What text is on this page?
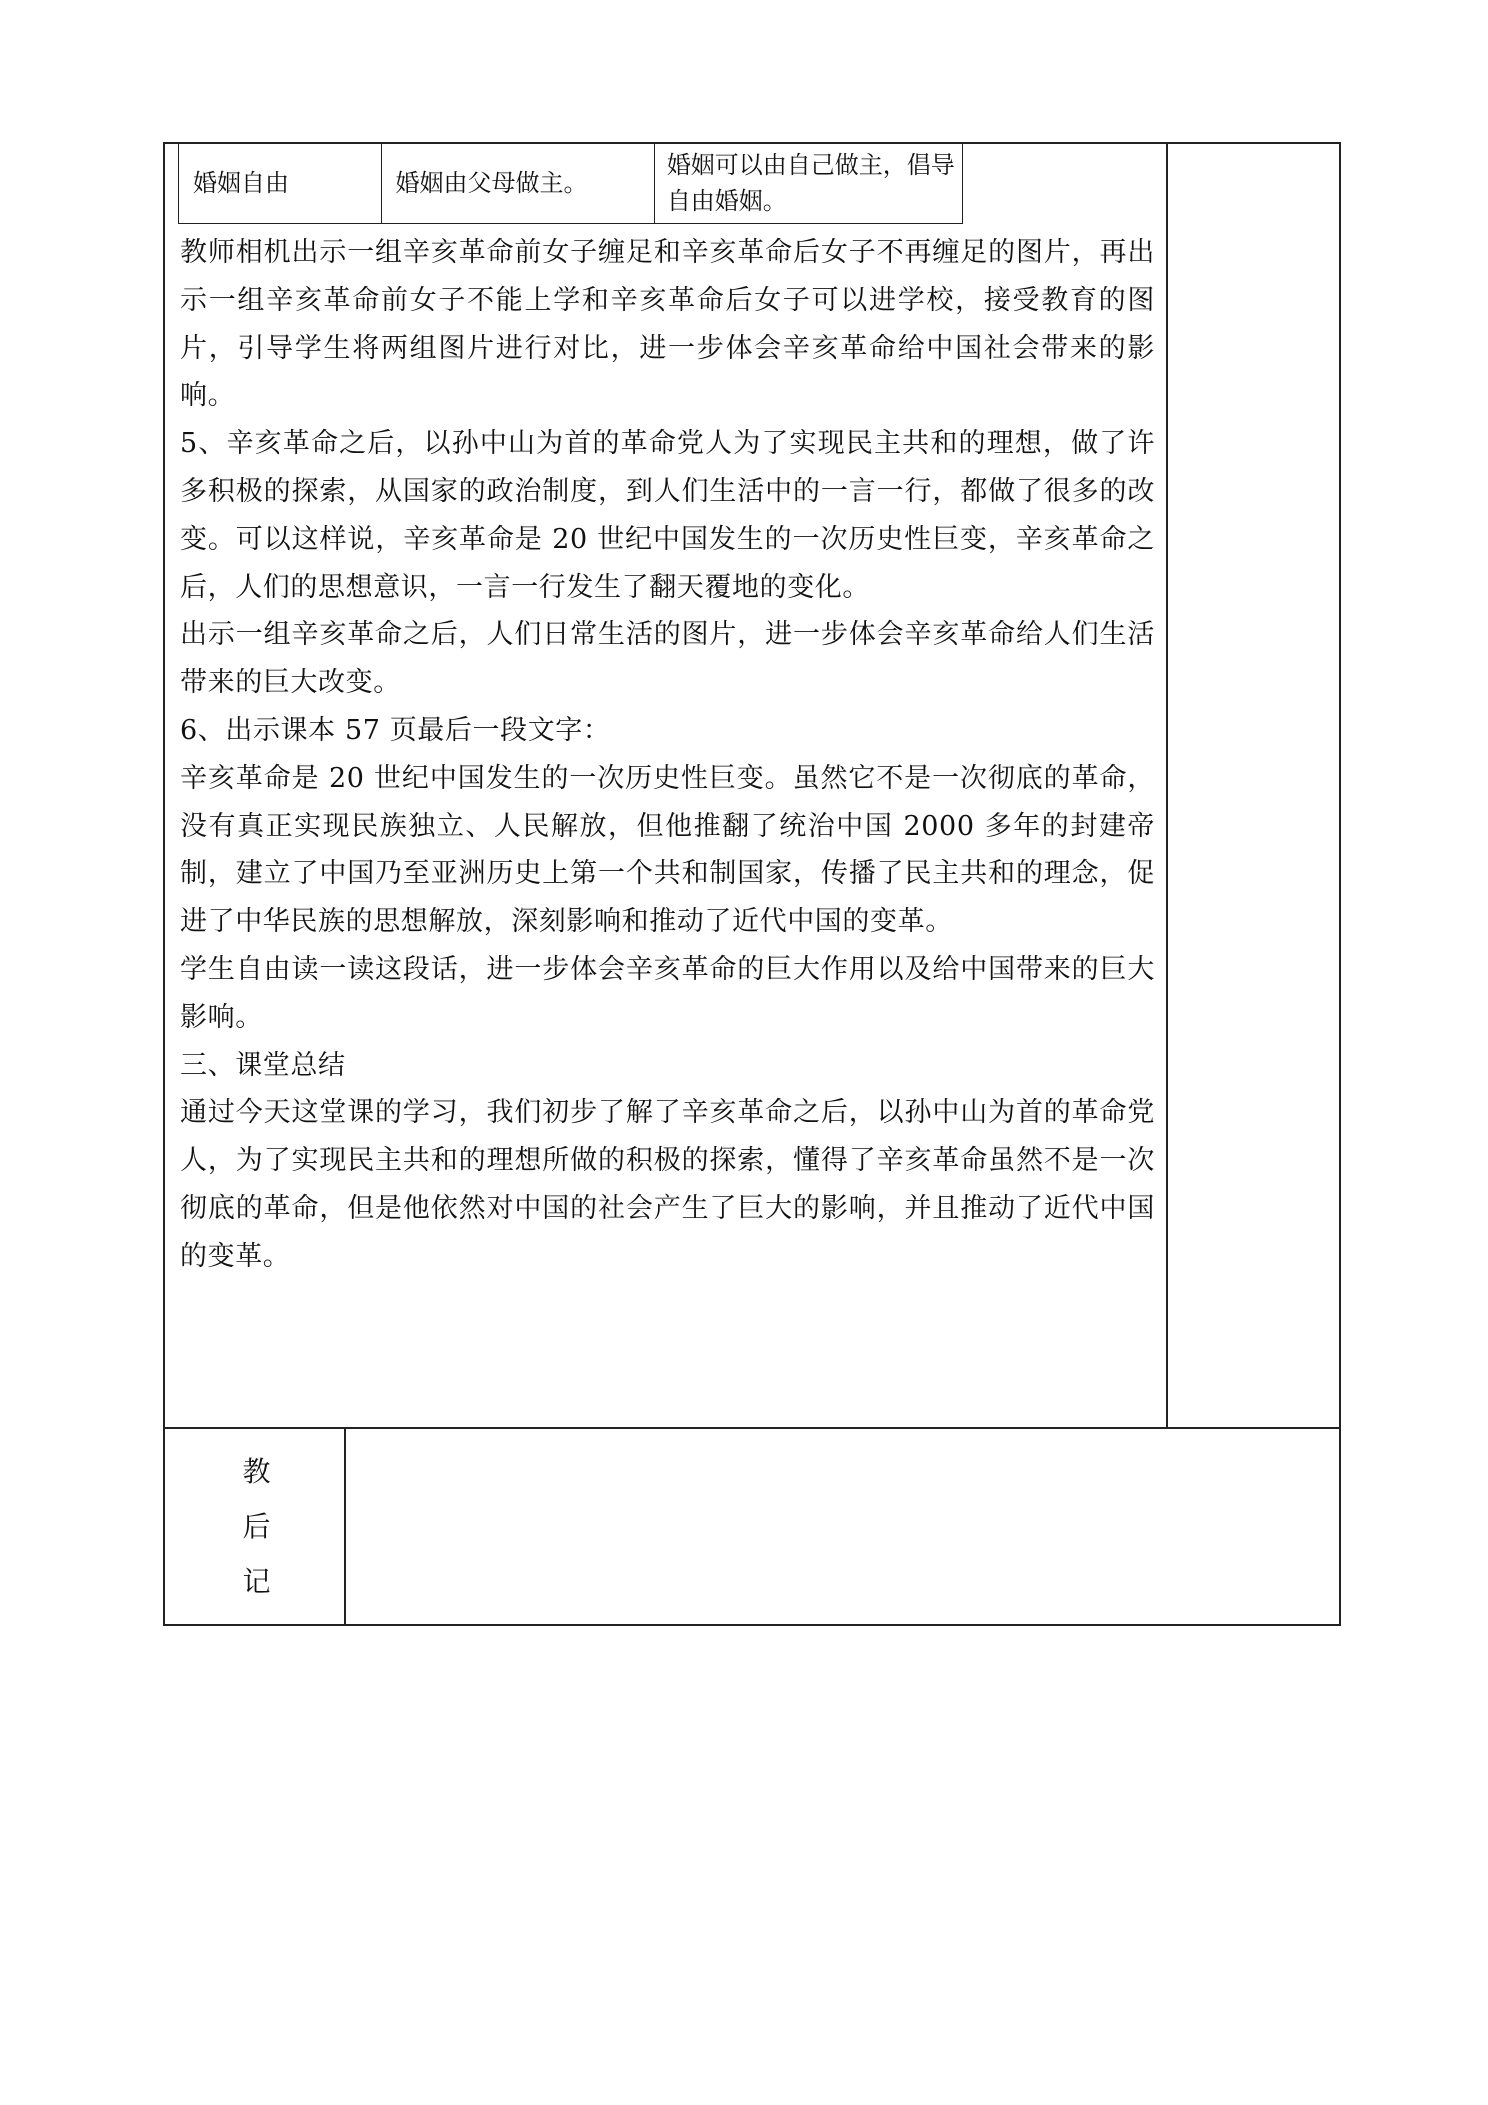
婚姻自由	婚姻由父母做主。
婚姻可以由自己做主，倡导自由婚姻。

教师相机出示一组辛亥革命前女子缠足和辛亥革命后女子不再缠足的图片，再出示一组辛亥革命前女子不能上学和辛亥革命后女子可以进学校，接受教育的图片，引导学生将两组图片进行对比，进一步体会辛亥革命给中国社会带来的影响。

5、辛亥革命之后，以孙中山为首的革命党人为了实现民主共和的理想，做了许多积极的探索，从国家的政治制度，到人们生活中的一言一行，都做了很多的改变。可以这样说，辛亥革命是 20 世纪中国发生的一次历史性巨变，辛亥革命之后，人们的思想意识，一言一行发生了翻天覆地的变化。

出示一组辛亥革命之后，人们日常生活的图片，进一步体会辛亥革命给人们生活带来的巨大改变。

6、出示课本 57 页最后一段文字：

辛亥革命是 20 世纪中国发生的一次历史性巨变。虽然它不是一次彻底的革命，没有真正实现民族独立、人民解放，但他推翻了统治中国 2000 多年的封建帝制，建立了中国乃至亚洲历史上第一个共和制国家，传播了民主共和的理念，促进了中华民族的思想解放，深刻影响和推动了近代中国的变革。

学生自由读一读这段话，进一步体会辛亥革命的巨大作用以及给中国带来的巨大影响。

三、课堂总结

通过今天这堂课的学习，我们初步了解了辛亥革命之后，以孙中山为首的革命党人，为了实现民主共和的理想所做的积极的探索，懂得了辛亥革命虽然不是一次彻底的革命，但是他依然对中国的社会产生了巨大的影响，并且推动了近代中国的变革。

教
后
记
